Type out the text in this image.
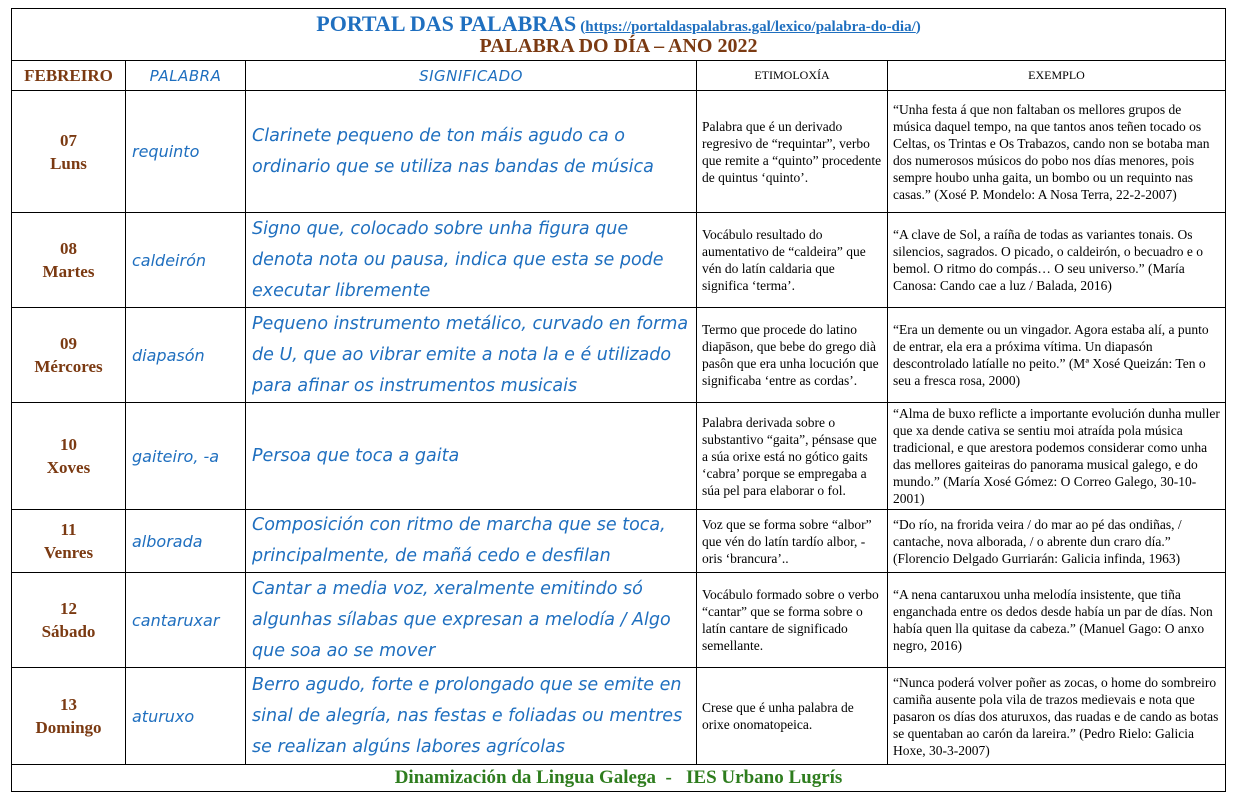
PORTAL DAS PALABRAS (https://portaldaspalabras.gal/lexico/palabra-do-dia/)
PALABRA DO DÍA – ANO 2022				

FEBREIRO	PALABRA	SIGNIFICADO	ETIMOLOXÍA	EXEMPLO

07
Luns	requinto	Clarinete pequeno de ton máis agudo ca o ordinario que se utiliza nas bandas de música	Palabra que é un derivado regresivo de “requintar”, verbo que remite a “quinto” procedente de quintus ‘quinto’.	“Unha festa á que non faltaban os mellores grupos de música daquel tempo, na que tantos anos teñen tocado os Celtas, os Trintas e Os Trabazos, cando non se botaba man dos numerosos músicos do pobo nos días menores, pois sempre houbo unha gaita, un bombo ou un requinto nas casas.” (Xosé P. Mondelo: A Nosa Terra, 22-2-2007)

08
Martes	caldeirón	Signo que, colocado sobre unha figura que denota nota ou pausa, indica que esta se pode executar libremente	Vocábulo resultado do aumentativo de “caldeira” que vén do latín caldaria que significa ‘terma’.	“A clave de Sol, a raíña de todas as variantes tonais. Os silencios, sagrados. O picado, o caldeirón, o becuadro e o bemol. O ritmo do compás… O seu universo.” (María Canosa: Cando cae a luz / Balada, 2016)

09
Mércores	diapasón	Pequeno instrumento metálico, curvado en forma de U, que ao vibrar emite a nota la e é utilizado para afinar os instrumentos musicais	Termo que procede do latino diapāson, que bebe do grego dià pasôn que era unha locución que significaba ‘entre as cordas’.	“Era un demente ou un vingador. Agora estaba alí, a punto de entrar, ela era a próxima vítima. Un diapasón descontrolado latíalle no peito.” (Mª Xosé Queizán: Ten o seu a fresca rosa, 2000)

10
Xoves	gaiteiro, -a	Persoa que toca a gaita	Palabra derivada sobre o substantivo “gaita”, pénsase que a súa orixe está no gótico gaits ‘cabra’ porque se empregaba a súa pel para elaborar o fol.	“Alma de buxo reflicte a importante evolución dunha muller que xa dende cativa se sentiu moi atraída pola música tradicional, e que arestora podemos considerar como unha das mellores gaiteiras do panorama musical galego, e do mundo.” (María Xosé Gómez: O Correo Galego, 30-10-2001)

11
Venres	alborada	Composición con ritmo de marcha que se toca, principalmente, de mañá cedo e desfilan	Voz que se forma sobre “albor” que vén do latín tardío albor, -oris ‘brancura’..	“Do río, na frorida veira / do mar ao pé das ondiñas, / cantache, nova alborada, / o abrente dun craro día.” (Florencio Delgado Gurriarán: Galicia infinda, 1963)

12
Sábado	cantaruxar	Cantar a media voz, xeralmente emitindo só algunhas sílabas que expresan a melodía / Algo que soa ao se mover	Vocábulo formado sobre o verbo “cantar” que se forma sobre o latín cantare de significado semellante.	“A nena cantaruxou unha melodía insistente, que tiña enganchada entre os dedos desde había un par de días. Non había quen lla quitase da cabeza.” (Manuel Gago: O anxo negro, 2016)

13
Domingo	aturuxo	Berro agudo, forte e prolongado que se emite en sinal de alegría, nas festas e foliadas ou mentres se realizan algúns labores agrícolas	Crese que é unha palabra de orixe onomatopeica.	“Nunca poderá volver poñer as zocas, o home do sombreiro camiña ausente pola vila de trazos medievais e nota que pasaron os días dos aturuxos, das ruadas e de cando as botas se quentaban ao carón da lareira.” (Pedro Rielo: Galicia Hoxe, 30-3-2007)
Dinamización da Lingua Galega  -   IES Urbano Lugrís				
